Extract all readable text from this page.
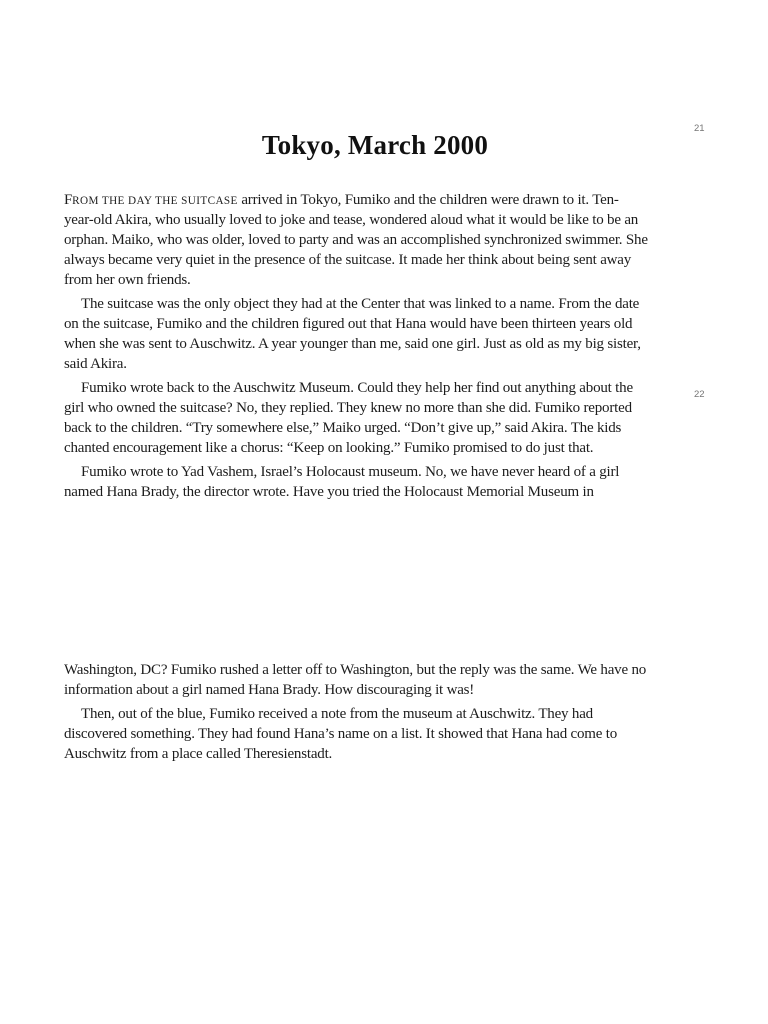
Tokyo, March 2000
21
22
FROM THE DAY THE SUITCASE arrived in Tokyo, Fumiko and the children were drawn to it. Ten-
year-old Akira, who usually loved to joke and tease, wondered aloud what it would be like to be an
orphan. Maiko, who was older, loved to party and was an accomplished synchronized swimmer. She
always became very quiet in the presence of the suitcase. It made her think about being sent away
from her own friends.
The suitcase was the only object they had at the Center that was linked to a name. From the date
on the suitcase, Fumiko and the children figured out that Hana would have been thirteen years old
when she was sent to Auschwitz. A year younger than me, said one girl. Just as old as my big sister,
said Akira.
Fumiko wrote back to the Auschwitz Museum. Could they help her find out anything about the
girl who owned the suitcase? No, they replied. They knew no more than she did. Fumiko reported
back to the children. “Try somewhere else,” Maiko urged. “Don’t give up,” said Akira. The kids
chanted encouragement like a chorus: “Keep on looking.” Fumiko promised to do just that.
Fumiko wrote to Yad Vashem, Israel’s Holocaust museum. No, we have never heard of a girl
named Hana Brady, the director wrote. Have you tried the Holocaust Memorial Museum in
Washington, DC? Fumiko rushed a letter off to Washington, but the reply was the same. We have no
information about a girl named Hana Brady. How discouraging it was!
Then, out of the blue, Fumiko received a note from the museum at Auschwitz. They had
discovered something. They had found Hana’s name on a list. It showed that Hana had come to
Auschwitz from a place called Theresienstadt.
